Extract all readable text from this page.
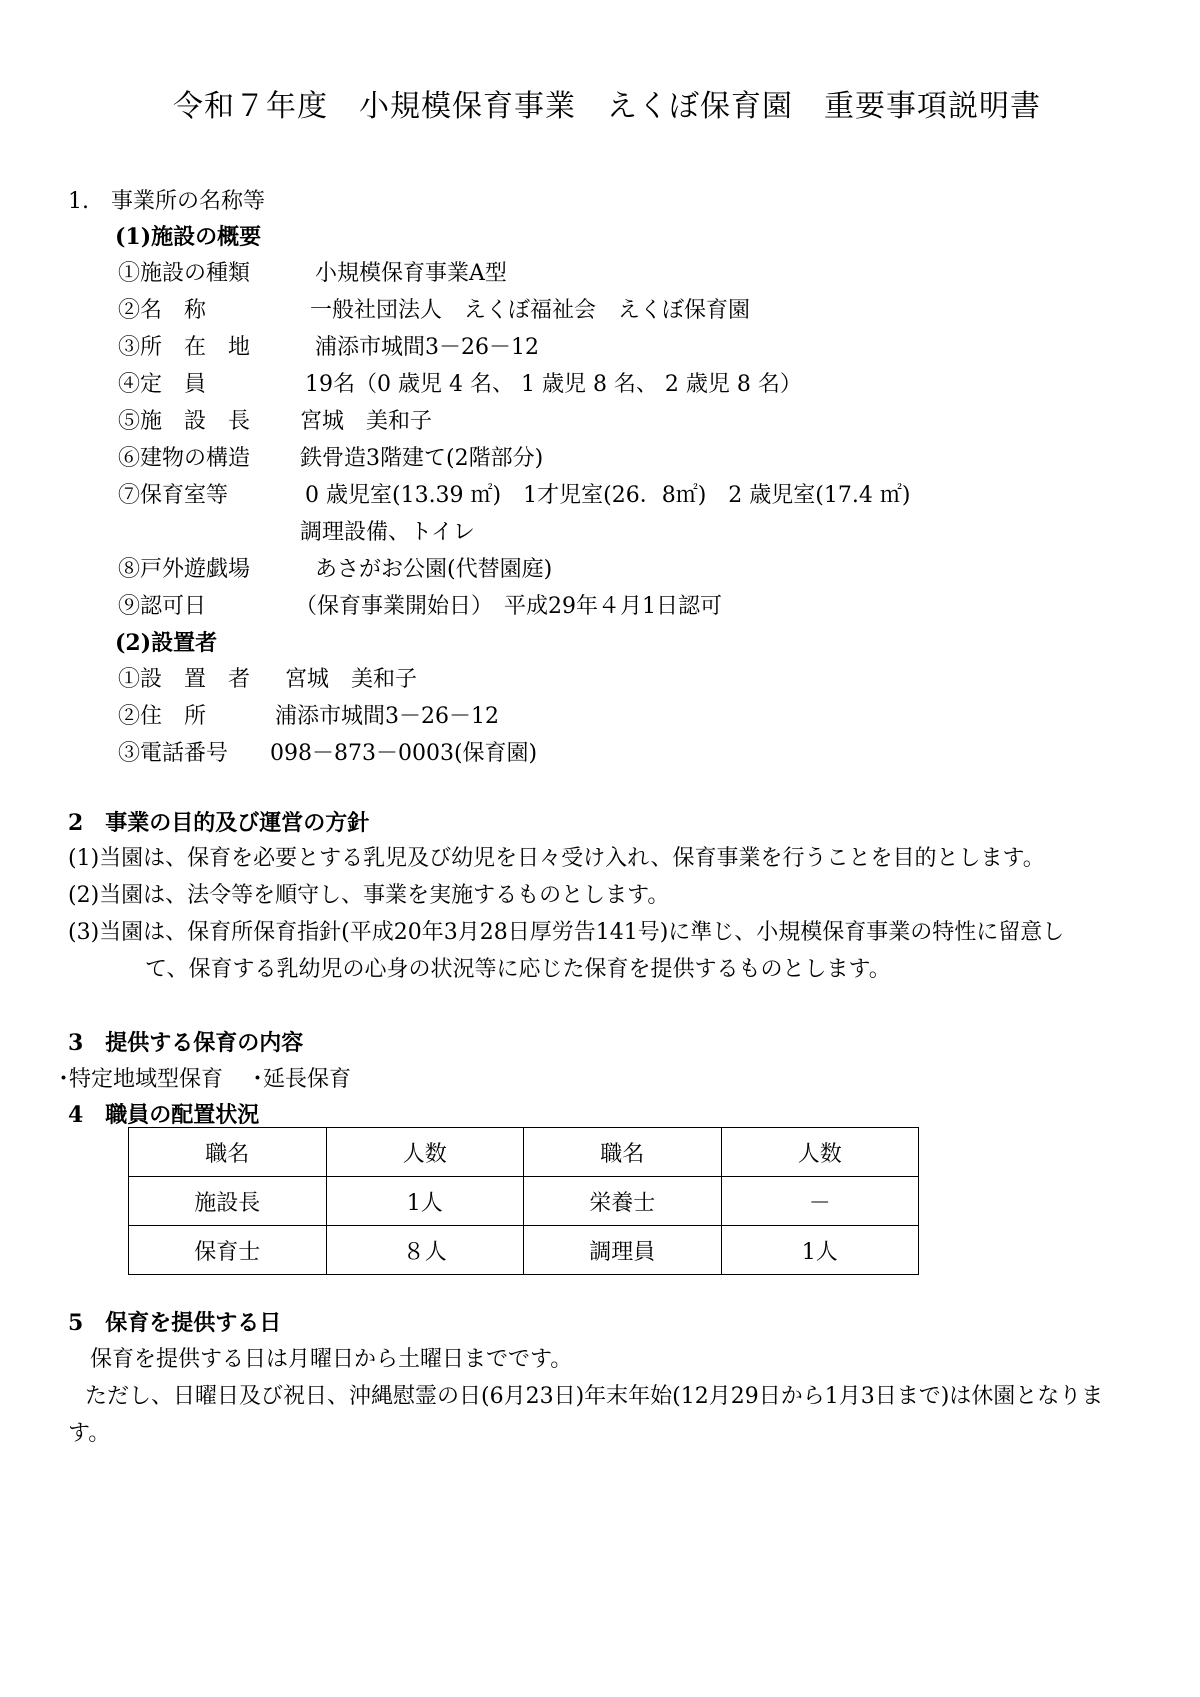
令和７年度　小規模保育事業　えくぼ保育園　重要事項説明書
1.　事業所の名称等
(1)施設の概要
①施設の種類	小規模保育事業A型
②名　称	一般社団法人　えくぼ福祉会　えくぼ保育園
③所　在　地	浦添市城間3－26－12
④定　員	19名（0 歳児 4 名、 1 歳児 8 名、 2 歳児 8 名）
⑤施　設　長 宮城　美和子
⑥建物の構造 鉄骨造3階建て(2階部分)
⑦保育室等	0 歳児室(13.39 ㎡)　1才児室(26．8㎡)　2 歳児室(17.4 ㎡)
調理設備、トイレ
⑧戸外遊戯場	あさがお公園(代替園庭)
⑨認可日	（保育事業開始日）　平成29年４月1日認可
(2)設置者
①設　置　者 宮城　美和子
②住　所	浦添市城間3－26－12
③電話番号 098－873－0003(保育園)
2　事業の目的及び運営の方針
(1)当園は、保育を必要とする乳児及び幼児を日々受け入れ、保育事業を行うことを目的とします。
(2)当園は、法令等を順守し、事業を実施するものとします。
(3)当園は、保育所保育指針(平成20年3月28日厚労告141号)に準じ、小規模保育事業の特性に留意し
て、保育する乳幼児の心身の状況等に応じた保育を提供するものとします。
3　提供する保育の内容
･特定地域型保育　 ･延長保育
4　職員の配置状況
職名	人数	職名	人数
施設長	1人	栄養士	－
保育士	８人	調理員	1人
5　保育を提供する日
保育を提供する日は月曜日から土曜日までです。
ただし、日曜日及び祝日、沖縄慰霊の日(6月23日)年末年始(12月29日から1月3日まで)は休園となりま
す。
